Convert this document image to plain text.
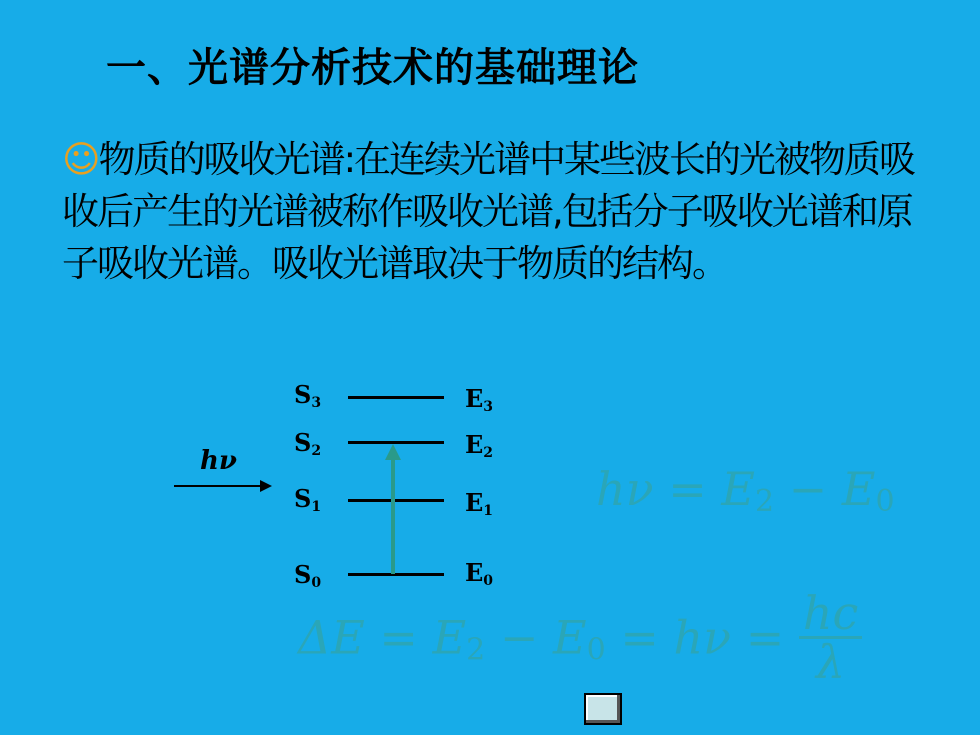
一、光谱分析技术的基础理论
☺物质的吸收光谱:在连续光谱中某些波长的光被物质吸收后产生的光谱被称作吸收光谱,包括分子吸收光谱和原子吸收光谱。吸收光谱取决于物质的结构。
$S_3$
$S_2$
$S_1$
$S_0$
$E_3$
$E_2$
$E_1$
$E_0$
hν
$h\nu = E_2 - E_0$
$\Delta E = E_2 - E_0 = h\nu = \frac{hc}{\lambda}$
